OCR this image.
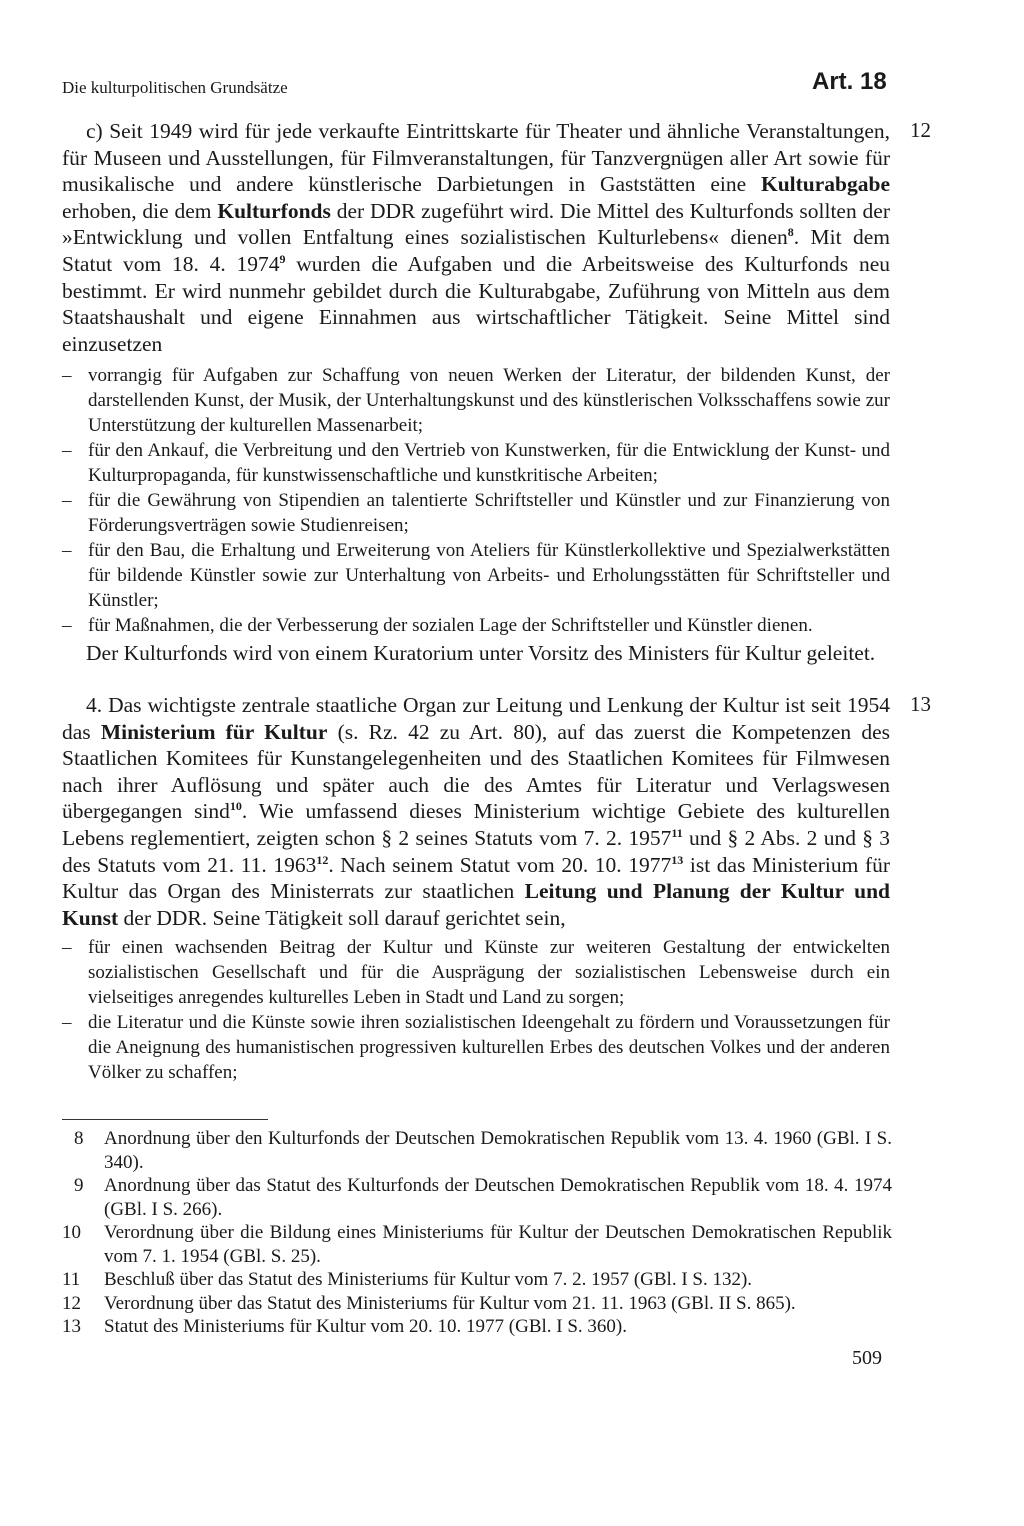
Die kulturpolitischen Grundsätze	Art. 18
12
13

c) Seit 1949 wird für jede verkaufte Eintrittskarte für Theater und ähnliche Veranstaltungen, für Museen und Ausstellungen, für Filmveranstaltungen, für Tanzvergnügen aller Art sowie für musikalische und andere künstlerische Darbietungen in Gaststätten eine Kulturabgabe erhoben, die dem Kulturfonds der DDR zugeführt wird. Die Mittel des Kulturfonds sollten der »Entwicklung und vollen Entfaltung eines sozialistischen Kulturlebens« dienen$^8$. Mit dem Statut vom 18. 4. 1974$^9$ wurden die Aufgaben und die Arbeitsweise des Kulturfonds neu bestimmt. Er wird nunmehr gebildet durch die Kulturabgabe, Zuführung von Mitteln aus dem Staatshaushalt und eigene Einnahmen aus wirtschaftlicher Tätigkeit. Seine Mittel sind einzusetzen

– vorrangig für Aufgaben zur Schaffung von neuen Werken der Literatur, der bildenden Kunst, der darstellenden Kunst, der Musik, der Unterhaltungskunst und des künstlerischen Volksschaffens sowie zur Unterstützung der kulturellen Massenarbeit;
– für den Ankauf, die Verbreitung und den Vertrieb von Kunstwerken, für die Entwicklung der Kunst- und Kulturpropaganda, für kunstwissenschaftliche und kunstkritische Arbeiten;
– für die Gewährung von Stipendien an talentierte Schriftsteller und Künstler und zur Finanzierung von Förderungsverträgen sowie Studienreisen;
– für den Bau, die Erhaltung und Erweiterung von Ateliers für Künstlerkollektive und Spezialwerkstätten für bildende Künstler sowie zur Unterhaltung von Arbeits- und Erholungsstätten für Schriftsteller und Künstler;
– für Maßnahmen, die der Verbesserung der sozialen Lage der Schriftsteller und Künstler dienen.

Der Kulturfonds wird von einem Kuratorium unter Vorsitz des Ministers für Kultur geleitet.

4. Das wichtigste zentrale staatliche Organ zur Leitung und Lenkung der Kultur ist seit 1954 das Ministerium für Kultur (s. Rz. 42 zu Art. 80), auf das zuerst die Kompetenzen des Staatlichen Komitees für Kunstangelegenheiten und des Staatlichen Komitees für Filmwesen nach ihrer Auflösung und später auch die des Amtes für Literatur und Verlagswesen übergegangen sind$^{10}$. Wie umfassend dieses Ministerium wichtige Gebiete des kulturellen Lebens reglementiert, zeigten schon § 2 seines Statuts vom 7. 2. 1957$^{11}$ und § 2 Abs. 2 und § 3 des Statuts vom 21. 11. 1963$^{12}$. Nach seinem Statut vom 20. 10. 1977$^{13}$ ist das Ministerium für Kultur das Organ des Ministerrats zur staatlichen Leitung und Planung der Kultur und Kunst der DDR. Seine Tätigkeit soll darauf gerichtet sein,

– für einen wachsenden Beitrag der Kultur und Künste zur weiteren Gestaltung der entwickelten sozialistischen Gesellschaft und für die Ausprägung der sozialistischen Lebensweise durch ein vielseitiges anregendes kulturelles Leben in Stadt und Land zu sorgen;
– die Literatur und die Künste sowie ihren sozialistischen Ideengehalt zu fördern und Voraussetzungen für die Aneignung des humanistischen progressiven kulturellen Erbes des deutschen Volkes und der anderen Völker zu schaffen;
8	Anordnung über den Kulturfonds der Deutschen Demokratischen Republik vom 13. 4. 1960 (GBl. I S. 340).
9	Anordnung über das Statut des Kulturfonds der Deutschen Demokratischen Republik vom 18. 4. 1974 (GBl. I S. 266).
10 Verordnung über die Bildung eines Ministeriums für Kultur der Deutschen Demokratischen Republik vom 7. 1. 1954 (GBl. S. 25).
11	Beschluß über das Statut des Ministeriums für Kultur vom 7. 2. 1957 (GBl. I S. 132).
12 Verordnung über das Statut des Ministeriums für Kultur vom 21. 11. 1963 (GBl. II S. 865).
13 Statut des Ministeriums für Kultur vom 20. 10. 1977 (GBl. I S. 360).
509
